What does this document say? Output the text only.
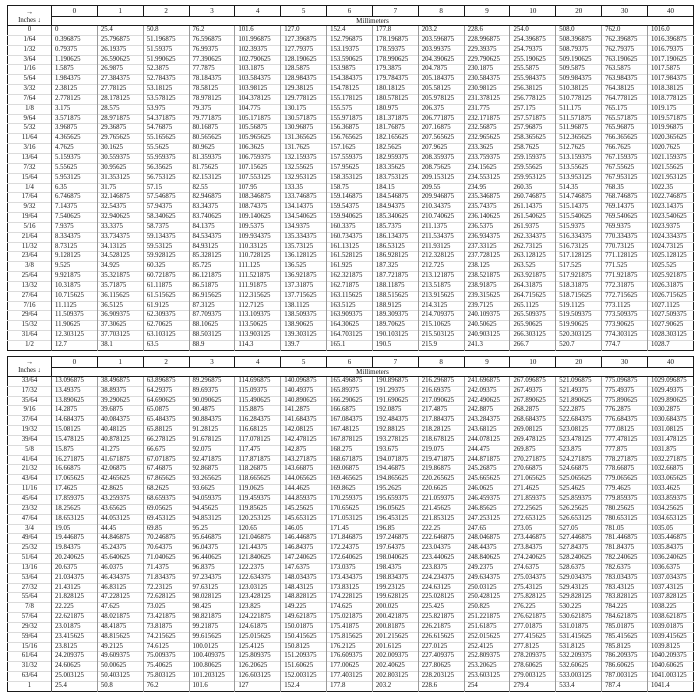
→
Inches ↓	0	1	2	3	4	5	6	7	8	9	10	20	30	40
	Millimeters													
0	0	25.4	50.8	76.2	101.6	127.0	152.4	177.8	203.2	228.6	254.0	508.0	762.0	1016.0
1/64	0.396875	25.796875	51.196875	76.596875	101.996875	127.396875	152.796875	178.196875	203.596875	228.996875	254.396875	508.396875	762.396875	1016.396875
1/32	0.79375	26.19375	51.59375	76.99375	102.39375	127.79375	153.19375	178.59375	203.99375	229.39375	254.79375	508.79375	762.79375	1016.79375
3/64	1.190625	26.590625	51.990625	77.390625	102.790625	128.190625	153.590625	178.990625	204.390625	229.790625	255.190625	509.190625	763.190625	1017.190625
1/16	1.5875	26.9875	52.3875	77.7875	103.1875	128.5875	153.9875	179.3875	204.7875	230.1875	255.5875	509.5875	763.5875	1017.5875
5/64	1.984375	27.384375	52.784375	78.184375	103.584375	128.984375	154.384375	179.784375	205.184375	230.584375	255.984375	509.984375	763.984375	1017.984375
3/32	2.38125	27.78125	53.18125	78.58125	103.98125	129.38125	154.78125	180.18125	205.58125	230.98125	256.38125	510.38125	764.38125	1018.38125
7/64	2.778125	28.178125	53.578125	78.978125	104.378125	129.778125	155.178125	180.578125	205.978125	231.378125	256.778125	510.778125	764.778125	1018.778125
1/8	3.175	28.575	53.975	79.375	104.775	130.175	155.575	180.975	206.375	231.775	257.175	511.175	765.175	1019.175
9/64	3.571875	28.971875	54.371875	79.771875	105.171875	130.571875	155.971875	181.371875	206.771875	232.171875	257.571875	511.571875	765.571875	1019.571875
5/32	3.96875	29.36875	54.76875	80.16875	105.56875	130.96875	156.36875	181.76875	207.16875	232.56875	257.96875	511.96875	765.96875	1019.96875
11/64	4.365625	29.765625	55.165625	80.565625	105.965625	131.365625	156.765625	182.165625	207.565625	232.965625	258.365625	512.365625	766.365625	1020.365625
3/16	4.7625	30.1625	55.5625	80.9625	106.3625	131.7625	157.1625	182.5625	207.9625	233.3625	258.7625	512.7625	766.7625	1020.7625
13/64	5.159375	30.559375	55.959375	81.359375	106.759375	132.159375	157.559375	182.959375	208.359375	233.759375	259.159375	513.159375	767.159375	1021.159375
7/32	5.55625	30.95625	56.35625	81.75625	107.15625	132.55625	157.95625	183.35625	208.75625	234.15625	259.55625	513.55625	767.55625	1021.55625
15/64	5.953125	31.353125	56.753125	82.153125	107.553125	132.953125	158.353125	183.753125	209.153125	234.553125	259.953125	513.953125	767.953125	1021.953125
1/4	6.35	31.75	57.15	82.55	107.95	133.35	158.75	184.15	209.55	234.95	260.35	514.35	768.35	1022.35
17/64	6.746875	32.146875	57.546875	82.946875	108.346875	133.746875	159.146875	184.546875	209.946875	235.346875	260.746875	514.746875	768.746875	1022.746875
9/32	7.14375	32.54375	57.94375	83.34375	108.74375	134.14375	159.54375	184.94375	210.34375	235.74375	261.14375	515.14375	769.14375	1023.14375
19/64	7.540625	32.940625	58.340625	83.740625	109.140625	134.540625	159.940625	185.340625	210.740625	236.140625	261.540625	515.540625	769.540625	1023.540625
5/16	7.9375	33.3375	58.7375	84.1375	109.5375	134.9375	160.3375	185.7375	211.1375	236.5375	261.9375	515.9375	769.9375	1023.9375
21/64	8.334375	33.734375	59.134375	84.534375	109.934375	135.334375	160.734375	186.134375	211.534375	236.934375	262.334375	516.334375	770.334375	1024.334375
11/32	8.73125	34.13125	59.53125	84.93125	110.33125	135.73125	161.13125	186.53125	211.93125	237.33125	262.73125	516.73125	770.73125	1024.73125
23/64	9.128125	34.528125	59.928125	85.328125	110.728125	136.128125	161.528125	186.928125	212.328125	237.728125	263.128125	517.128125	771.128125	1025.128125
3/8	9.525	34.925	60.325	85.725	111.125	136.525	161.925	187.325	212.725	238.125	263.525	517.525	771.525	1025.525
25/64	9.921875	35.321875	60.721875	86.121875	111.521875	136.921875	162.321875	187.721875	213.121875	238.521875	263.921875	517.921875	771.921875	1025.921875
13/32	10.31875	35.71875	61.11875	86.51875	111.91875	137.31875	162.71875	188.11875	213.51875	238.91875	264.31875	518.31875	772.31875	1026.31875
27/64	10.715625	36.115625	61.515625	86.915625	112.315625	137.715625	163.115625	188.515625	213.915625	239.315625	264.715625	518.715625	772.715625	1026.715625
7/16	11.1125	36.5125	61.9125	87.3125	112.7125	138.1125	163.5125	188.9125	214.3125	239.7125	265.1125	519.1125	773.1125	1027.1125
29/64	11.509375	36.909375	62.309375	87.709375	113.109375	138.509375	163.909375	189.309375	214.709375	240.109375	265.509375	519.509375	773.509375	1027.509375
15/32	11.90625	37.30625	62.70625	88.10625	113.50625	138.90625	164.30625	189.70625	215.10625	240.50625	265.90625	519.90625	773.90625	1027.90625
31/64	12.303125	37.703125	63.103125	88.503125	113.903125	139.303125	164.703125	190.103125	215.503125	240.903125	266.303125	520.303125	774.303125	1028.303125
1/2	12.7	38.1	63.5	88.9	114.3	139.7	165.1	190.5	215.9	241.3	266.7	520.7	774.7	1028.7
→
Inches ↓	0	1	2	3	4	5	6	7	8	9	10	20	30	40
	Millimeters													
33/64	13.096875	38.496875	63.896875	89.296875	114.696875	140.096875	165.496875	190.896875	216.296875	241.696875	267.096875	521.096875	775.096875	1029.096875
17/32	13.49375	38.89375	64.29375	89.69375	115.09375	140.49375	165.89375	191.29375	216.69375	242.09375	267.49375	521.49375	775.49375	1029.49375
35/64	13.890625	39.290625	64.690625	90.090625	115.490625	140.890625	166.290625	191.690625	217.090625	242.490625	267.890625	521.890625	775.890625	1029.890625
9/16	14.2875	39.6875	65.0875	90.4875	115.8875	141.2875	166.6875	192.0875	217.4875	242.8875	268.2875	522.2875	776.2875	1030.2875
37/64	14.684375	40.084375	65.484375	90.884375	116.284375	141.684375	167.084375	192.484375	217.884375	243.284375	268.684375	522.684375	776.684375	1030.684375
19/32	15.08125	40.48125	65.88125	91.28125	116.68125	142.08125	167.48125	192.88125	218.28125	243.68125	269.08125	523.08125	777.08125	1031.08125
39/64	15.478125	40.878125	66.278125	91.678125	117.078125	142.478125	167.878125	193.278125	218.678125	244.078125	269.478125	523.478125	777.478125	1031.478125
5/8	15.875	41.275	66.675	92.075	117.475	142.875	168.275	193.675	219.075	244.475	269.875	523.875	777.875	1031.875
41/64	16.271875	41.671875	67.071875	92.471875	117.871875	143.271875	168.671875	194.071875	219.471875	244.871875	270.271875	524.271875	778.271875	1032.271875
21/32	16.66875	42.06875	67.46875	92.86875	118.26875	143.66875	169.06875	194.46875	219.86875	245.26875	270.66875	524.66875	778.66875	1032.66875
43/64	17.065625	42.465625	67.865625	93.265625	118.665625	144.065625	169.465625	194.865625	220.265625	245.665625	271.065625	525.065625	779.065625	1033.065625
11/16	17.4625	42.8625	68.2625	93.6625	119.0625	144.4625	169.8625	195.2625	220.6625	246.0625	271.4625	525.4625	779.4625	1033.4625
45/64	17.859375	43.259375	68.659375	94.059375	119.459375	144.859375	170.259375	195.659375	221.059375	246.459375	271.859375	525.859375	779.859375	1033.859375
23/32	18.25625	43.65625	69.05625	94.45625	119.85625	145.25625	170.65625	196.05625	221.45625	246.85625	272.25625	526.25625	780.25625	1034.25625
47/64	18.653125	44.053125	69.453125	94.853125	120.253125	145.653125	171.053125	196.453125	221.853125	247.253125	272.653125	526.653125	780.653125	1034.653125
3/4	19.05	44.45	69.85	95.25	120.65	146.05	171.45	196.85	222.25	247.65	273.05	527.05	781.05	1035.05
49/64	19.446875	44.846875	70.246875	95.646875	121.046875	146.446875	171.846875	197.246875	222.646875	248.046875	273.446875	527.446875	781.446875	1035.446875
25/32	19.84375	45.24375	70.64375	96.04375	121.44375	146.84375	172.24375	197.64375	223.04375	248.44375	273.84375	527.84375	781.84375	1035.84375
51/64	20.240625	45.640625	71.040625	96.440625	121.840625	147.240625	172.640625	198.040625	223.440625	248.840625	274.240625	528.240625	782.240625	1036.240625
13/16	20.6375	46.0375	71.4375	96.8375	122.2375	147.6375	173.0375	198.4375	223.8375	249.2375	274.6375	528.6375	782.6375	1036.6375
53/64	21.034375	46.434375	71.834375	97.234375	122.634375	148.034375	173.434375	198.834375	224.234375	249.634375	275.034375	529.034375	783.034375	1037.034375
27/32	21.43125	46.83125	72.23125	97.63125	123.03125	148.43125	173.83125	199.23125	224.63125	250.03125	275.43125	529.43125	783.43125	1037.43125
55/64	21.828125	47.228125	72.628125	98.028125	123.428125	148.828125	174.228125	199.628125	225.028125	250.428125	275.828125	529.828125	783.828125	1037.828125
7/8	22.225	47.625	73.025	98.425	123.825	149.225	174.625	200.025	225.425	250.825	276.225	530.225	784.225	1038.225
57/64	22.621875	48.021875	73.421875	98.821875	124.221875	149.621875	175.021875	200.421875	225.821875	251.221875	276.621875	530.621875	784.621875	1038.621875
29/32	23.01875	48.41875	73.81875	99.21875	124.61875	150.01875	175.41875	200.81875	226.21875	251.61875	277.01875	531.01875	785.01875	1039.01875
59/64	23.415625	48.815625	74.215625	99.615625	125.015625	150.415625	175.815625	201.215625	226.615625	252.015625	277.415625	531.415625	785.415625	1039.415625
15/16	23.8125	49.2125	74.6125	100.0125	125.4125	150.8125	176.2125	201.6125	227.0125	252.4125	277.8125	531.8125	785.8125	1039.8125
61/64	24.209375	49.609375	75.009375	100.409375	125.809375	151.209375	176.609375	202.009375	227.409375	252.809375	278.209375	532.209375	786.209375	1040.209375
31/32	24.60625	50.00625	75.40625	100.80625	126.20625	151.60625	177.00625	202.40625	227.80625	253.20625	278.60625	532.60625	786.60625	1040.60625
63/64	25.003125	50.403125	75.803125	101.203125	126.603125	152.003125	177.403125	202.803125	228.203125	253.603125	279.003125	533.003125	787.003125	1041.003125
1	25.4	50.8	76.2	101.6	127	152.4	177.8	203.2	228.6	254	279.4	533.4	787.4	1041.4
